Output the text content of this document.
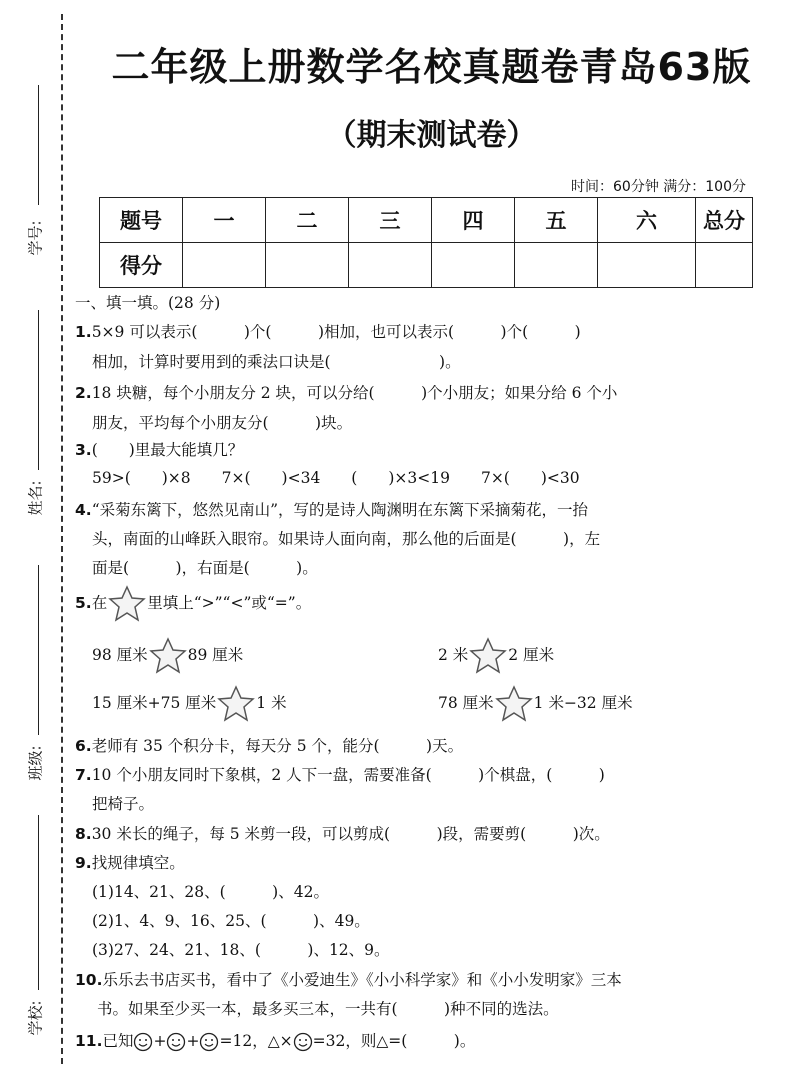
学号:
姓名:
班级:
学校:
二年级上册数学名校真题卷青岛63版
（期末测试卷）
时间：60分钟 满分：100分
题号	一	二	三	四	五	六	总分
得分							
一、填一填。(28 分)
1.5×9 可以表示(　　　)个(　　　)相加，也可以表示(　　　)个(　　　)
相加，计算时要用到的乘法口诀是(　　　　　　　)。
2.18 块糖，每个小朋友分 2 块，可以分给(　　　)个小朋友；如果分给 6 个小
朋友，平均每个小朋友分(　　　)块。
3.(　　)里最大能填几？
59>(　　)×8　　7×(　　)<34　　(　　)×3<19　　7×(　　)<30
4.“采菊东篱下，悠然见南山”，写的是诗人陶渊明在东篱下采摘菊花，一抬
头，南面的山峰跃入眼帘。如果诗人面向南，那么他的后面是(　　　)，左
面是(　　　)，右面是(　　　)。
5.在	里填上“>”“<”或“=”。
98 厘米	89 厘米	2 米	2 厘米
15 厘米+75 厘米	1 米	78 厘米	1 米−32 厘米
6.老师有 35 个积分卡，每天分 5 个，能分(　　　)天。
7.10 个小朋友同时下象棋，2 人下一盘，需要准备(　　　)个棋盘，(　　　)
把椅子。
8.30 米长的绳子，每 5 米剪一段，可以剪成(　　　)段，需要剪(　　　)次。
9.找规律填空。
(1)14、21、28、(　　　)、42。
(2)1、4、9、16、25、(　　　)、49。
(3)27、24、21、18、(　　　)、12、9。
10.乐乐去书店买书，看中了《小爱迪生》《小小科学家》和《小小发明家》三本
书。如果至少买一本，最多买三本，一共有(　　　)种不同的选法。
11.已知 + + =12，△× =32，则△=(　　　)。
